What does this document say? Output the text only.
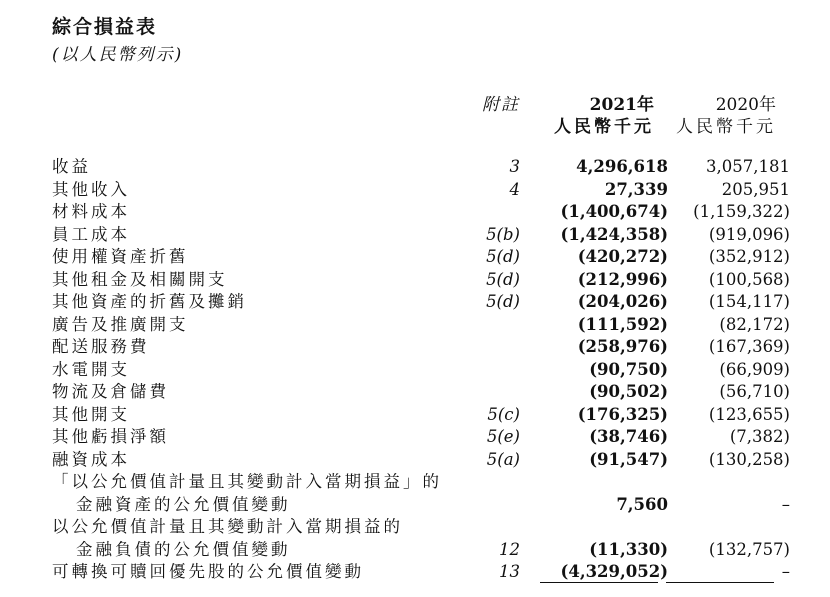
綜合損益表
(以人民幣列示)
附註	2021年
人民幣千元
2020年
人民幣千元
收益	3	4,296,618 3,057,181
其他收入	4	27,339	205,951
材料成本	(1,400,674) (1,159,322)
員工成本	5(b) (1,424,358) (919,096)
使用權資產折舊	5(d)	(420,272) (352,912)
其他租金及相關開支	5(d)	(212,996) (100,568)
其他資產的折舊及攤銷	5(d)	(204,026) (154,117)
廣告及推廣開支	(111,592)	(82,172)
配送服務費	(258,976) (167,369)
水電開支	(90,750)	(66,909)
物流及倉儲費	(90,502)	(56,710)
其他開支	5(c)	(176,325) (123,655)
其他虧損淨額	5(e)	(38,746)	(7,382)
融資成本	5(a)	(91,547) (130,258)
「以公允價值計量且其變動計入當期損益」的
金融資產的公允價值變動	7,560	–
以公允價值計量且其變動計入當期損益的
金融負債的公允價值變動	12	(11,330) (132,757)
可轉換可贖回優先股的公允價值變動	13 (4,329,052)	–
